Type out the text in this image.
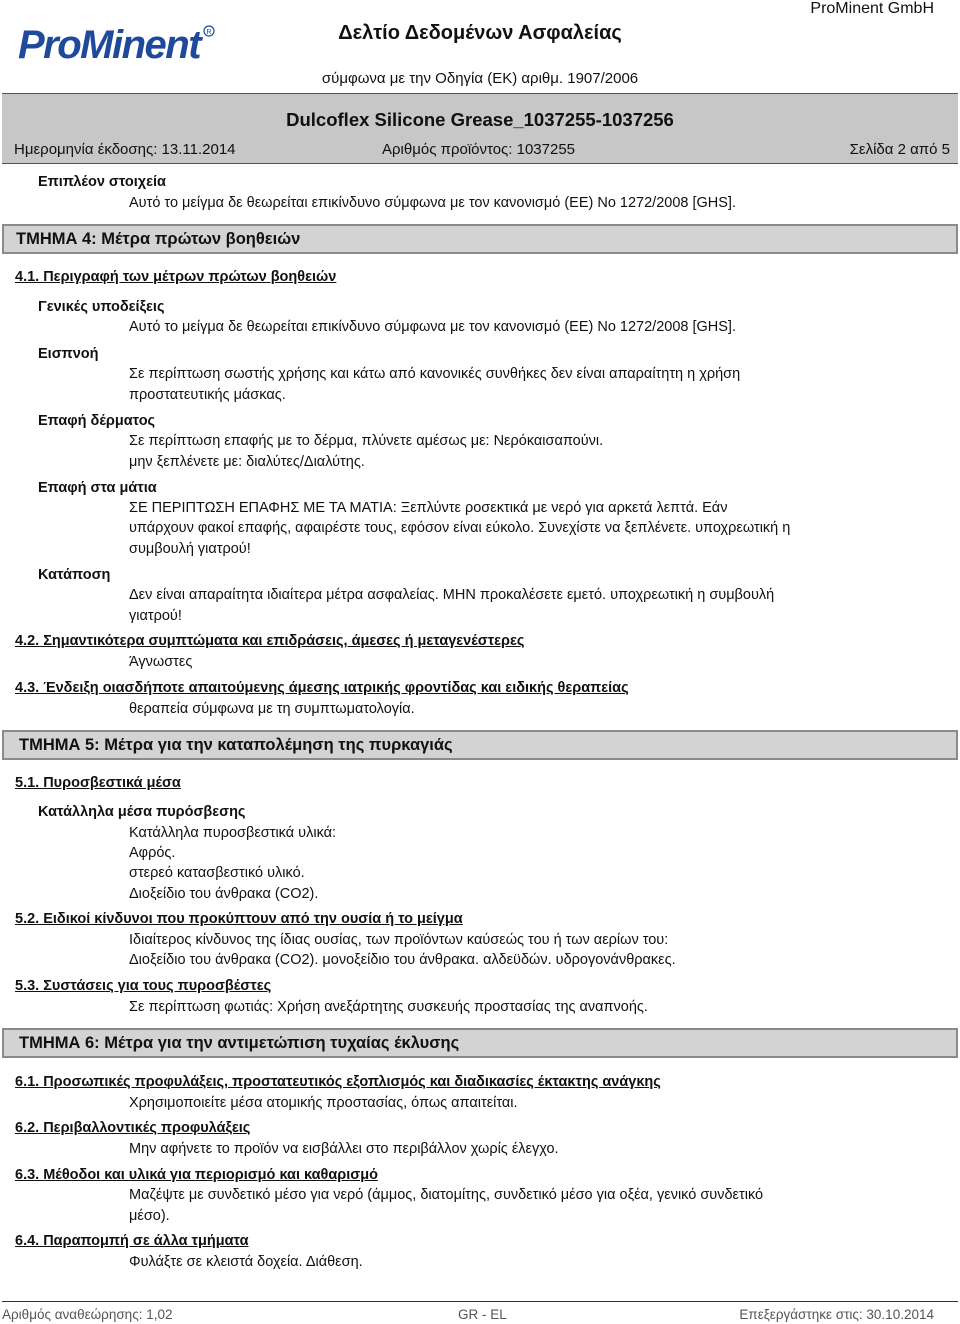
ProMinent R
ProMinent GmbH
Δελτίο Δεδομένων Ασφαλείας
σύμφωνα με την Οδηγία (ΕΚ) αριθμ. 1907/2006
Dulcoflex Silicone Grease_1037255-1037256
Ημερομηνία έκδοσης: 13.11.2014	Αριθμός προϊόντος: 1037255	Σελίδα 2 από 5
Επιπλέον στοιχεία
Αυτό το μείγμα δε θεωρείται επικίνδυνο σύμφωνα με τον κανονισμό (ΕΕ) Νο 1272/2008 [GHS].
ΤΜΗΜΑ 4: Μέτρα πρώτων βοηθειών
4.1. Περιγραφή των μέτρων πρώτων βοηθειών
Γενικές υποδείξεις
Αυτό το μείγμα δε θεωρείται επικίνδυνο σύμφωνα με τον κανονισμό (ΕΕ) Νο 1272/2008 [GHS].
Εισπνοή
Σε περίπτωση σωστής χρήσης και κάτω από κανονικές συνθήκες δεν είναι απαραίτητη η χρήση
προστατευτικής μάσκας.
Επαφή δέρματος
Σε περίπτωση επαφής με το δέρμα, πλύνετε αμέσως με: Νερόκαισαπούνι.
μην ξεπλένετε με: διαλύτες/Διαλύτης.
Επαφή στα μάτια
ΣΕ ΠΕΡΙΠΤΩΣΗ ΕΠΑΦΗΣ ΜΕ ΤΑ ΜΑΤΙΑ: Ξεπλύντε ροσεκτικά με νερό για αρκετά λεπτά. Εάν
υπάρχουν φακοί επαφής, αφαιρέστε τους, εφόσον είναι εύκολο. Συνεχίστε να ξεπλένετε. υποχρεωτική η
συμβουλή γιατρού!
Κατάποση
Δεν είναι απαραίτητα ιδιαίτερα μέτρα ασφαλείας. ΜΗΝ προκαλέσετε εμετό. υποχρεωτική η συμβουλή
γιατρού!
4.2. Σημαντικότερα συμπτώματα και επιδράσεις, άμεσες ή μεταγενέστερες
Άγνωστες
4.3. Ένδειξη οιασδήποτε απαιτούμενης άμεσης ιατρικής φροντίδας και ειδικής θεραπείας
θεραπεία σύμφωνα με τη συμπτωματολογία.
ΤΜΗΜΑ 5: Μέτρα για την καταπολέμηση της πυρκαγιάς
5.1. Πυροσβεστικά μέσα
Κατάλληλα μέσα πυρόσβεσης
Κατάλληλα πυροσβεστικά υλικά:
Αφρός.
στερεό κατασβεστικό υλικό.
Διοξείδιο του άνθρακα (CO2).
5.2. Ειδικοί κίνδυνοι που προκύπτουν από την ουσία ή το μείγμα
Ιδιαίτερος κίνδυνος της ίδιας ουσίας, των προϊόντων καύσεώς του ή των αερίων του:
Διοξείδιο του άνθρακα (CO2). μονοξείδιο του άνθρακα. αλδεϋδών. υδρογονάνθρακες.
5.3. Συστάσεις για τους πυροσβέστες
Σε περίπτωση φωτιάς: Χρήση ανεξάρτητης συσκευής προστασίας της αναπνοής.
ΤΜΗΜΑ 6: Μέτρα για την αντιμετώπιση τυχαίας έκλυσης
6.1. Προσωπικές προφυλάξεις, προστατευτικός εξοπλισμός και διαδικασίες έκτακτης ανάγκης
Χρησιμοποιείτε μέσα ατομικής προστασίας, όπως απαιτείται.
6.2. Περιβαλλοντικές προφυλάξεις
Μην αφήνετε το προϊόν να εισβάλλει στο περιβάλλον χωρίς έλεγχο.
6.3. Μέθοδοι και υλικά για περιορισμό και καθαρισμό
Μαζέψτε με συνδετικό μέσο για νερό (άμμος, διατομίτης, συνδετικό μέσο για οξέα, γενικό συνδετικό
μέσο).
6.4. Παραπομπή σε άλλα τμήματα
Φυλάξτε σε κλειστά δοχεία. Διάθεση.
Αριθμός αναθεώρησης: 1,02	GR - EL	Επεξεργάστηκε στις: 30.10.2014
